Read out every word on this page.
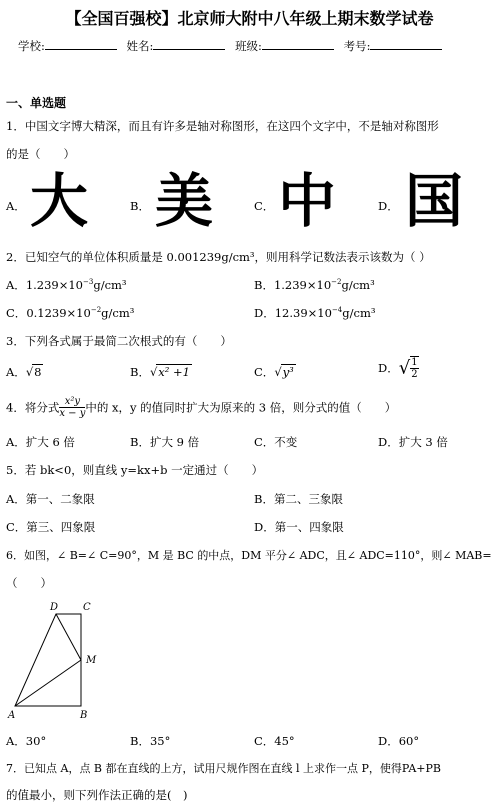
【全国百强校】北京师大附中八年级上期末数学试卷
学校:	姓名:	班级:	考号:
一、单选题
1．中国文字博大精深，而且有许多是轴对称图形，在这四个文字中，不是轴对称图形
的是（　　）
A． 大	B． 美	C． 中	D． 国
2．已知空气的单位体积质量是 0.001239g/cm³，则用科学记数法表示该数为（ ）
A．$1.239\times 10^{-3}g$/cm³	B．$1.239\times 10^{-2}g$/cm³
C．$0.1239\times 10^{-2}g$/cm³	D．$12.39\times 10^{-4}g$/cm³
3．下列各式属于最简二次根式的有（　　）
A．√8	B．√x² +1	C．√y³	D．√ $\frac{1}{2}$
4．将分式 $\frac{\text{x²y}}{x - y}$中的 x，y 的值同时扩大为原来的 3 倍，则分式的值（　　）
A．扩大 6 倍	B．扩大 9 倍	C．不变	D．扩大 3 倍
5．若 bk<0，则直线 y=kx+b 一定通过（　　）
A．第一、二象限	B．第二、三象限
C．第三、四象限	D．第一、四象限
6．如图，∠ B=∠ C=90°，M 是 BC 的中点，DM 平分∠ ADC，且∠ ADC=110°，则∠ MAB=
（　　）
D C
M
A	B
A．30°	B．35°	C．45°	D．60°
7．已知点 A，点 B 都在直线的上方，试用尺规作图在直线 l 上求作一点 P，使得PA+PB
的值最小，则下列作法正确的是(　)
